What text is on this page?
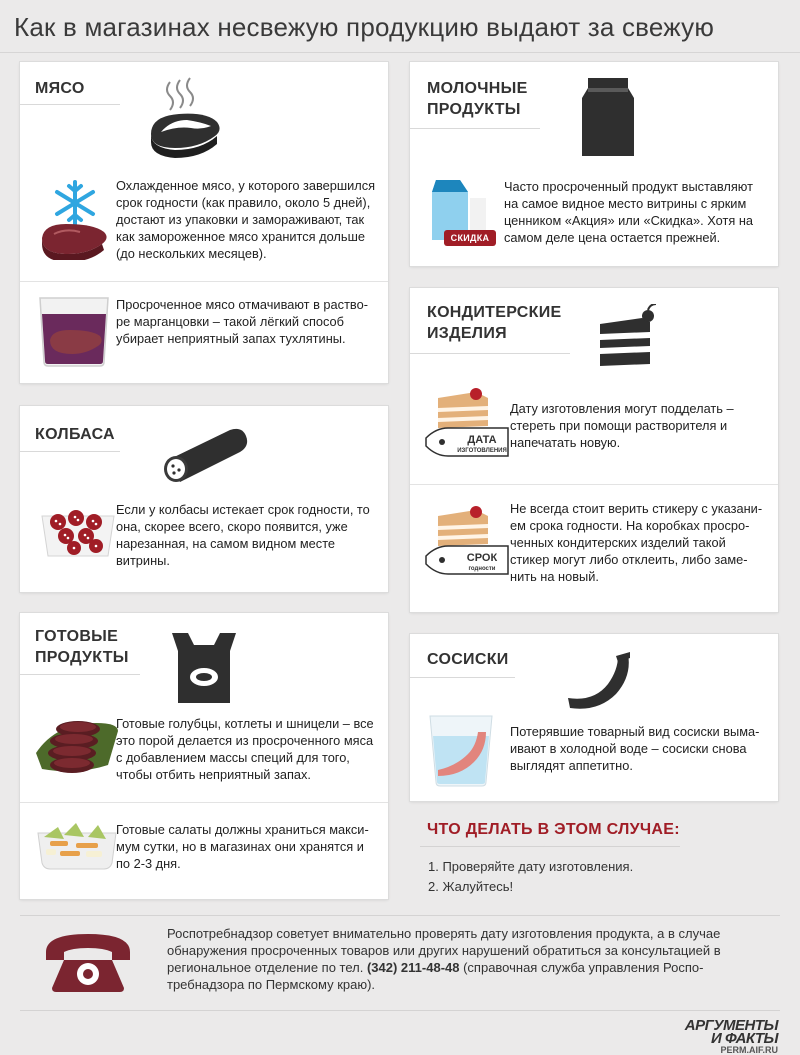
Как в магазинах несвежую продукцию выдают за свежую
МЯСО
Охлажденное мясо, у которого завершился срок годности (как правило, около 5 дней), достают из упаковки и замораживают, так как замороженное мясо хранится дольше (до нескольких месяцев).
Просроченное мясо отмачивают в раство-ре марганцовки – такой лёгкий способ убирает неприятный запах тухлятины.
КОЛБАСА
Если у колбасы истекает срок годности, то она, скорее всего, скоро появится, уже нарезанная, на самом видном месте витрины.
ГОТОВЫЕ
ПРОДУКТЫ
Готовые голубцы, котлеты и шницели – все это порой делается из просроченного мяса с добавлением массы специй для того, чтобы отбить неприятный запах.
Готовые салаты должны храниться макси-мум сутки, но в магазинах они хранятся и по 2-3 дня.
МОЛОЧНЫЕ
ПРОДУКТЫ
СКИДКА
Часто просроченный продукт выставляют на самое видное место витрины с ярким ценником «Акция» или «Скидка». Хотя на самом деле цена остается прежней.
КОНДИТЕРСКИЕ
ИЗДЕЛИЯ
ДАТА
ИЗГОТОВЛЕНИЯ
Дату изготовления могут подделать – стереть при помощи растворителя и напечатать новую.
СРОК
годности
Не всегда стоит верить стикеру с указани-ем срока годности. На коробках просро-ченных кондитерских изделий такой стикер могут либо отклеить, либо заме-нить на новый.
СОСИСКИ
Потерявшие товарный вид сосиски выма-ивают в холодной воде – сосиски снова выглядят аппетитно.
ЧТО ДЕЛАТЬ В ЭТОМ СЛУЧАЕ:
1. Проверяйте дату изготовления.
2. Жалуйтесь!
Роспотребнадзор советует внимательно проверять дату изготовления продукта, а в случае обнаружения просроченных товаров или других нарушений обратиться за консультацией в региональное отделение по тел. (342) 211-48-48 (справочная служба управления Роспо-требнадзора по Пермскому краю).
АРГУМЕНТЫ
И ФАКТЫ
PERM.AIF.RU
